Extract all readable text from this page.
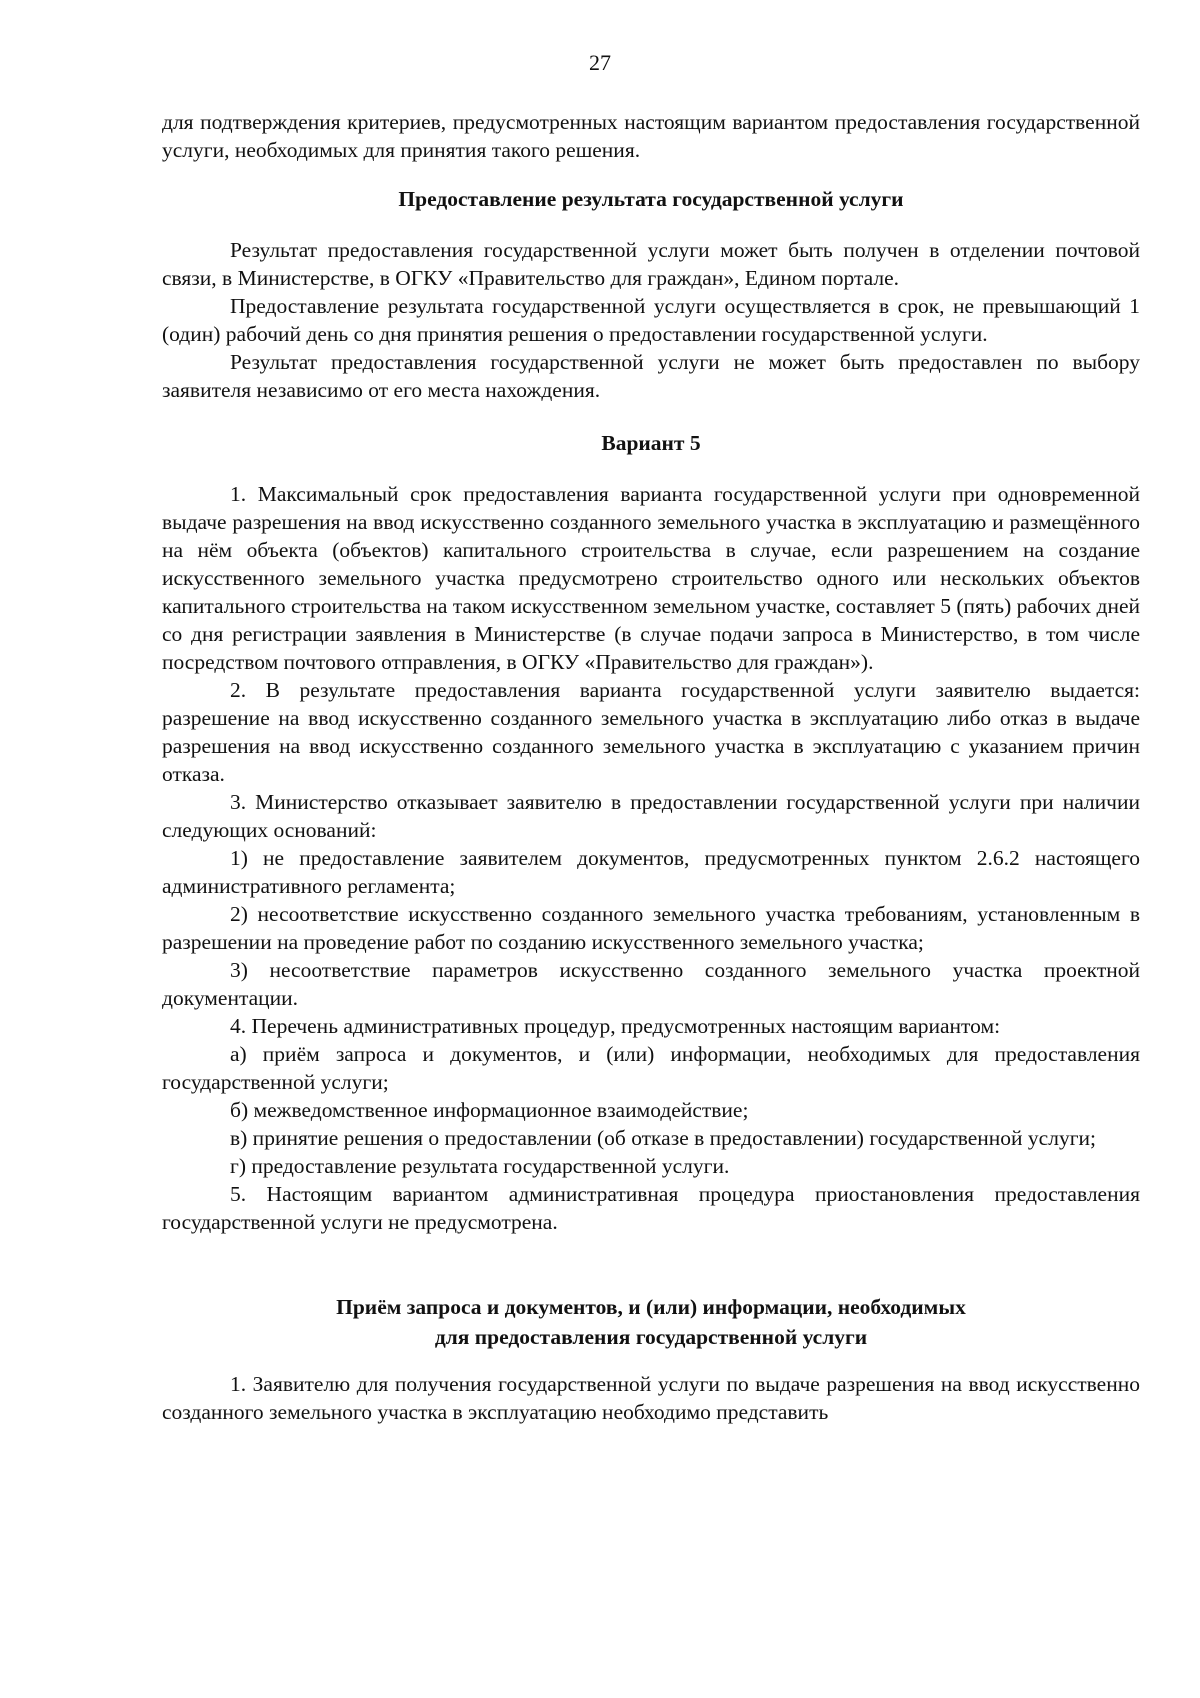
27

для подтверждения критериев, предусмотренных настоящим вариантом предоставления государственной услуги, необходимых для принятия такого решения.

Предоставление результата государственной услуги

Результат предоставления государственной услуги может быть получен в отделении почтовой связи, в Министерстве, в ОГКУ «Правительство для граждан», Едином портале.

Предоставление результата государственной услуги осуществляется в срок, не превышающий 1 (один) рабочий день со дня принятия решения о предоставлении государственной услуги.

Результат предоставления государственной услуги не может быть предоставлен по выбору заявителя независимо от его места нахождения.

Вариант 5

1. Максимальный срок предоставления варианта государственной услуги при одновременной выдаче разрешения на ввод искусственно созданного земельного участка в эксплуатацию и размещённого на нём объекта (объектов) капитального строительства в случае, если разрешением на создание искусственного земельного участка предусмотрено строительство одного или нескольких объектов капитального строительства на таком искусственном земельном участке, составляет 5 (пять) рабочих дней со дня регистрации заявления в Министерстве (в случае подачи запроса в Министерство, в том числе посредством почтового отправления, в ОГКУ «Правительство для граждан»).

2. В результате предоставления варианта государственной услуги заявителю выдается: разрешение на ввод искусственно созданного земельного участка в эксплуатацию либо отказ в выдаче разрешения на ввод искусственно созданного земельного участка в эксплуатацию с указанием причин отказа.

3. Министерство отказывает заявителю в предоставлении государственной услуги при наличии следующих оснований:

1) не предоставление заявителем документов, предусмотренных пунктом 2.6.2 настоящего административного регламента;

2) несоответствие искусственно созданного земельного участка требованиям, установленным в разрешении на проведение работ по созданию искусственного земельного участка;

3) несоответствие параметров искусственно созданного земельного участка проектной документации.

4. Перечень административных процедур, предусмотренных настоящим вариантом:

а) приём запроса и документов, и (или) информации, необходимых для предоставления государственной услуги;

б) межведомственное информационное взаимодействие;

в) принятие решения о предоставлении (об отказе в предоставлении) государственной услуги;

г) предоставление результата государственной услуги.

5. Настоящим вариантом административная процедура приостановления предоставления государственной услуги не предусмотрена.

Приём запроса и документов, и (или) информации, необходимых
для предоставления государственной услуги

1. Заявителю для получения государственной услуги по выдаче разрешения на ввод искусственно созданного земельного участка в эксплуатацию необходимо представить
